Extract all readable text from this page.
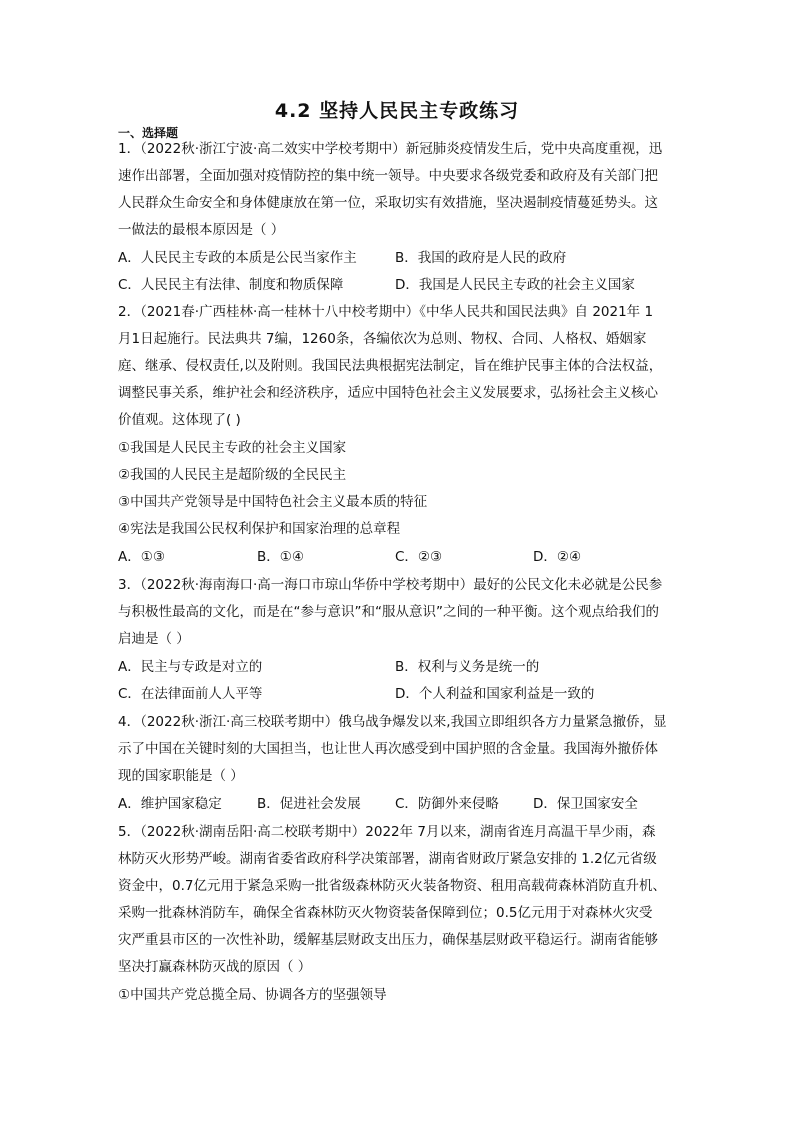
4.2 坚持人民民主专政练习
一、选择题
1．（2022秋·浙江宁波·高二效实中学校考期中）新冠肺炎疫情发生后，党中央高度重视，迅
速作出部署，全面加强对疫情防控的集中统一领导。中央要求各级党委和政府及有关部门把
人民群众生命安全和身体健康放在第一位，采取切实有效措施，坚决遏制疫情蔓延势头。这
一做法的最根本原因是（ ）
A．人民民主专政的本质是公民当家作主	B．我国的政府是人民的政府
C．人民民主有法律、制度和物质保障	D．我国是人民民主专政的社会主义国家
2．（2021春·广西桂林·高一桂林十八中校考期中）《中华人民共和国民法典》自 2021年 1
月1日起施行。民法典共 7编，1260条，各编依次为总则、物权、合同、人格权、婚姻家
庭、继承、侵权责任,以及附则。我国民法典根据宪法制定，旨在维护民事主体的合法权益，
调整民事关系，维护社会和经济秩序，适应中国特色社会主义发展要求，弘扬社会主义核心
价值观。这体现了( )
①我国是人民民主专政的社会主义国家
②我国的人民民主是超阶级的全民民主
③中国共产党领导是中国特色社会主义最本质的特征
④宪法是我国公民权利保护和国家治理的总章程
A．①③	B．①④	C．②③	D．②④
3．（2022秋·海南海口·高一海口市琼山华侨中学校考期中）最好的公民文化未必就是公民参
与积极性最高的文化，而是在“参与意识”和“服从意识”之间的一种平衡。这个观点给我们的
启迪是（ ）
A．民主与专政是对立的	B．权利与义务是统一的
C．在法律面前人人平等	D．个人利益和国家利益是一致的
4．（2022秋·浙江·高三校联考期中）俄乌战争爆发以来,我国立即组织各方力量紧急撤侨，显
示了中国在关键时刻的大国担当，也让世人再次感受到中国护照的含金量。我国海外撤侨体
现的国家职能是（ ）
A．维护国家稳定	B．促进社会发展	C．防御外来侵略	D．保卫国家安全
5．（2022秋·湖南岳阳·高二校联考期中）2022年 7月以来，湖南省连月高温干旱少雨，森
林防灭火形势严峻。湖南省委省政府科学决策部署，湖南省财政厅紧急安排的 1.2亿元省级
资金中，0.7亿元用于紧急采购一批省级森林防灭火装备物资、租用高载荷森林消防直升机、
采购一批森林消防车，确保全省森林防灭火物资装备保障到位；0.5亿元用于对森林火灾受
灾严重县市区的一次性补助，缓解基层财政支出压力，确保基层财政平稳运行。湖南省能够
坚决打赢森林防灭战的原因（ ）
①中国共产党总揽全局、协调各方的坚强领导
